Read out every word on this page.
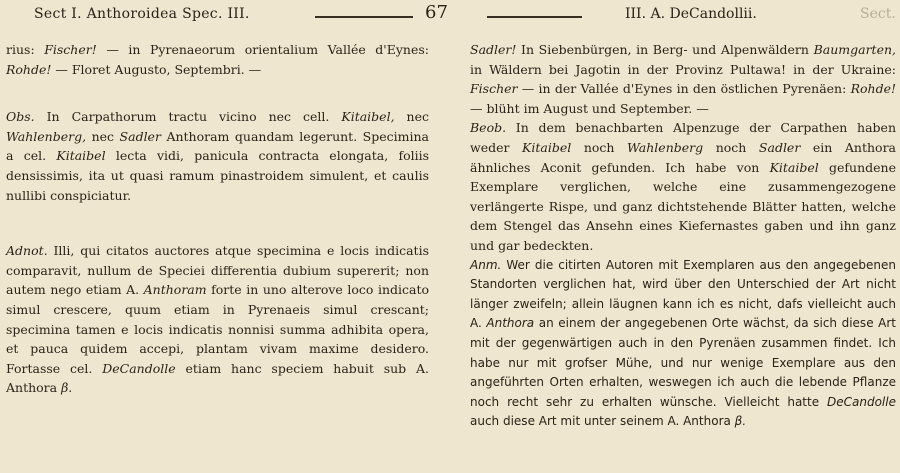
Sect I. Anthoroidea Spec. III.	67	III. A. DeCandollii.	Sect.

rius: Fischer! — in Pyrenaeorum orientalium Vallée d'Eynes: Rohde! — Floret Augusto, Septembri. —

Obs. In Carpathorum tractu vicino nec cell. Kitaibel, nec Wahlenberg, nec Sadler Anthoram quandam legerunt. Specimina a cel. Kitaibel lecta vidi, panicula contracta elongata, foliis densissimis, ita ut quasi ramum pinastroidem simulent, et caulis nullibi conspiciatur.

Adnot. Illi, qui citatos auctores atque specimina e locis indicatis comparavit, nullum de Speciei differentia dubium supererit; non autem nego etiam A. Anthoram forte in uno alterove loco indicato simul crescere, quum etiam in Pyrenaeis simul crescant; specimina tamen e locis indicatis nonnisi summa adhibita opera, et pauca quidem accepi, plantam vivam maxime desidero. Fortasse cel. DeCandolle etiam hanc speciem habuit sub A. Anthora β.

Sadler! In Siebenbürgen, in Berg- und Alpenwäldern Baumgarten, in Wäldern bei Jagotin in der Provinz Pultawa! in der Ukraine: Fischer — in der Vallée d'Eynes in den östlichen Pyrenäen: Rohde! — blüht im August und September. —

Beob. In dem benachbarten Alpenzuge der Carpathen haben weder Kitaibel noch Wahlenberg noch Sadler ein Anthora ähnliches Aconit gefunden. Ich habe von Kitaibel gefundene Exemplare verglichen, welche eine zusammengezogene verlängerte Rispe, und ganz dichtstehende Blätter hatten, welche dem Stengel das Ansehn eines Kiefernastes gaben und ihn ganz und gar bedeckten.

Anm. Wer die citirten Autoren mit Exemplaren aus den angegebenen Standorten verglichen hat, wird über den Unterschied der Art nicht länger zweifeln; allein läugnen kann ich es nicht, dafs vielleicht auch A. Anthora an einem der angegebenen Orte wächst, da sich diese Art mit der gegenwärtigen auch in den Pyrenäen zusammen findet. Ich habe nur mit grofser Mühe, und nur wenige Exemplare aus den angeführten Orten erhalten, weswegen ich auch die lebende Pflanze noch recht sehr zu erhalten wünsche. Vielleicht hatte DeCandolle auch diese Art mit unter seinem A. Anthora β.
